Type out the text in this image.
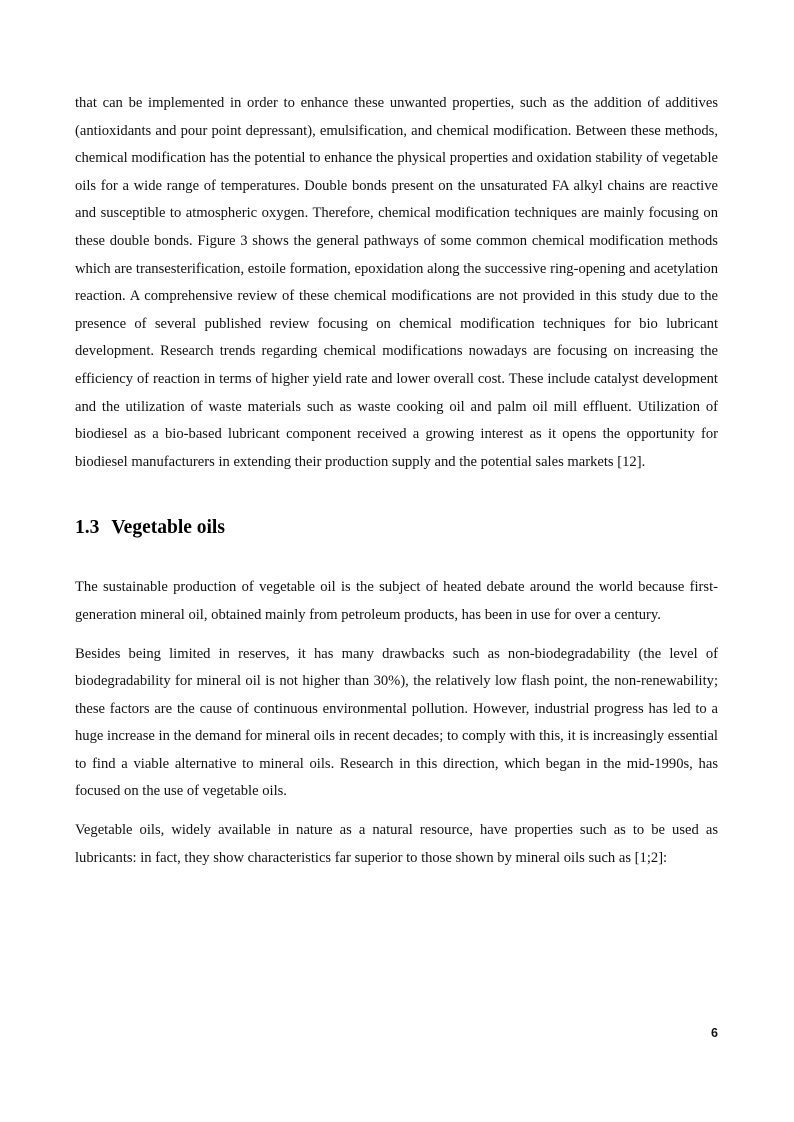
that can be implemented in order to enhance these unwanted properties, such as the addition of additives (antioxidants and pour point depressant), emulsification, and chemical modification. Between these methods, chemical modification has the potential to enhance the physical properties and oxidation stability of vegetable oils for a wide range of temperatures. Double bonds present on the unsaturated FA alkyl chains are reactive and susceptible to atmospheric oxygen. Therefore, chemical modification techniques are mainly focusing on these double bonds. Figure 3 shows the general pathways of some common chemical modification methods which are transesterification, estoile formation, epoxidation along the successive ring-opening and acetylation reaction. A comprehensive review of these chemical modifications are not provided in this study due to the presence of several published review focusing on chemical modification techniques for bio lubricant development. Research trends regarding chemical modifications nowadays are focusing on increasing the efficiency of reaction in terms of higher yield rate and lower overall cost. These include catalyst development and the utilization of waste materials such as waste cooking oil and palm oil mill effluent. Utilization of biodiesel as a bio-based lubricant component received a growing interest as it opens the opportunity for biodiesel manufacturers in extending their production supply and the potential sales markets [12].

1.3 Vegetable oils

The sustainable production of vegetable oil is the subject of heated debate around the world because first-generation mineral oil, obtained mainly from petroleum products, has been in use for over a century.

Besides being limited in reserves, it has many drawbacks such as non-biodegradability (the level of biodegradability for mineral oil is not higher than 30%), the relatively low flash point, the non-renewability; these factors are the cause of continuous environmental pollution. However, industrial progress has led to a huge increase in the demand for mineral oils in recent decades; to comply with this, it is increasingly essential to find a viable alternative to mineral oils. Research in this direction, which began in the mid-1990s, has focused on the use of vegetable oils.

Vegetable oils, widely available in nature as a natural resource, have properties such as to be used as lubricants: in fact, they show characteristics far superior to those shown by mineral oils such as [1;2]:

6
